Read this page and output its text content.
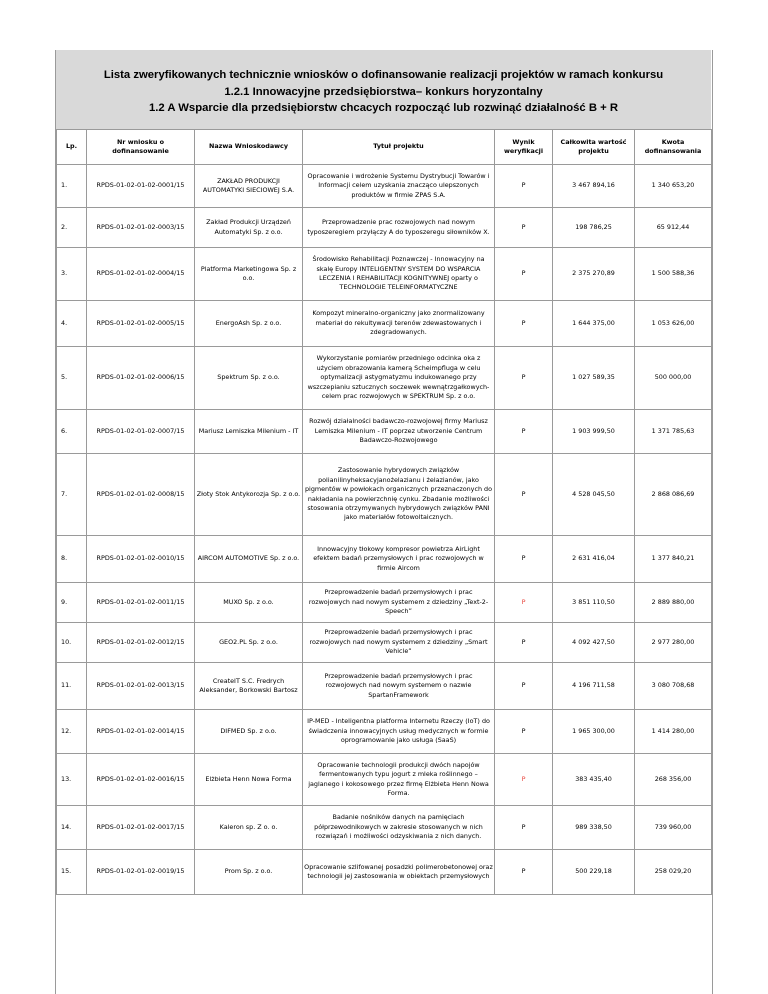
Lista zweryfikowanych technicznie wniosków o dofinansowanie realizacji projektów w ramach konkursu
1.2.1 Innowacyjne przedsiębiorstwa– konkurs horyzontalny
1.2 A Wsparcie dla przedsiębiorstw chcacych rozpocząć lub rozwinąć działalność B + R
Lp.	Nr wniosku o dofinansowanie	Nazwa Wnioskodawcy	Tytuł projektu	Wynik weryfikacji	Całkowita wartość projektu	Kwota dofinansowania
1.	RPDS-01-02-01-02-0001/15	ZAKŁAD PRODUKCJI AUTOMATYKI SIECIOWEJ S.A.	Opracowanie i wdrożenie Systemu Dystrybucji Towarów i Informacji celem uzyskania znacząco ulepszonych produktów w firmie ZPAS S.A.	P	3 467 894,16	1 340 653,20
2.	RPDS-01-02-01-02-0003/15	Zakład Produkcji Urządzeń Automatyki Sp. z o.o.	Przeprowadzenie prac rozwojowych nad nowym typoszeregiem przyłączy A do typoszeregu siłowników X.	P	198 786,25	65 912,44
3.	RPDS-01-02-01-02-0004/15	Platforma Marketingowa Sp. z o.o.	Środowisko Rehabilitacji Poznawczej - Innowacyjny na skalę Europy INTELIGENTNY SYSTEM DO WSPARCIA LECZENIA I REHABILITACJI KOGNITYWNEJ oparty o TECHNOLOGIE TELEINFORMATYCZNE	P	2 375 270,89	1 500 588,36
4.	RPDS-01-02-01-02-0005/15	EnergoAsh Sp. z o.o.	Kompozyt mineralno-organiczny jako znormalizowany materiał do rekultywacji terenów zdewastowanych i zdegradowanych.	P	1 644 375,00	1 053 626,00
5.	RPDS-01-02-01-02-0006/15	Spektrum Sp. z o.o.	Wykorzystanie pomiarów przedniego odcinka oka z użyciem obrazowania kamerą Scheimpfluga w celu optymalizacji astygmatyzmu indukowanego przy wszczepianiu sztucznych soczewek wewnątrzgałkowych-celem prac rozwojowych w SPEKTRUM Sp. z o.o.	P	1 027 589,35	500 000,00
6.	RPDS-01-02-01-02-0007/15	Mariusz Lemiszka Milenium - IT	Rozwój działalności badawczo-rozwojowej firmy Mariusz Lemiszka Milenium - IT poprzez utworzenie Centrum Badawczo-Rozwojowego	P	1 903 999,50	1 371 785,63
7.	RPDS-01-02-01-02-0008/15	Złoty Stok Antykorozja Sp. z o.o.	Zastosowanie hybrydowych związków polianilinyheksacyjanożelazianu i żelazianów, jako pigmentów w powłokach organicznych przeznaczonych do nakładania na powierzchnię cynku. Zbadanie możliwości stosowania otrzymywanych hybrydowych związków PANI jako materiałów fotowoltaicznych.	P	4 528 045,50	2 868 086,69
8.	RPDS-01-02-01-02-0010/15	AIRCOM AUTOMOTIVE Sp. z o.o.	Innowacyjny tłokowy kompresor powietrza AirLight efektem badań przemysłowych i prac rozwojowych w firmie Aircom	P	2 631 416,04	1 377 840,21
9.	RPDS-01-02-01-02-0011/15	MUXO Sp. z o.o.	Przeprowadzenie badań przemysłowych i prac rozwojowych nad nowym systemem z dziedziny „Text-2-Speech”	P	3 851 110,50	2 889 880,00
10.	RPDS-01-02-01-02-0012/15	GEO2.PL Sp. z o.o.	Przeprowadzenie badań przemysłowych i prac rozwojowych nad nowym systemem z dziedziny „Smart Vehicle”	P	4 092 427,50	2 977 280,00
11.	RPDS-01-02-01-02-0013/15	CreateIT S.C. Fredrych Aleksander, Borkowski Bartosz	Przeprowadzenie badań przemysłowych i prac rozwojowych nad nowym systemem o nazwie SpartanFramework	P	4 196 711,58	3 080 708,68
12.	RPDS-01-02-01-02-0014/15	DIFMED Sp. z o.o.	IP-MED - Inteligentna platforma Internetu Rzeczy (IoT) do świadczenia innowacyjnych usług medycznych w formie oprogramowanie jako usługa (SaaS)	P	1 965 300,00	1 414 280,00
13.	RPDS-01-02-01-02-0016/15	Elżbieta Henn Nowa Forma	Opracowanie technologii produkcji dwóch napojów fermentowanych typu jogurt z mleka roślinnego – jaglanego i kokosowego przez firmę Elżbieta Henn Nowa Forma.	P	383 435,40	268 356,00
14.	RPDS-01-02-01-02-0017/15	Kaleron sp. Z o. o.	Badanie nośników danych na pamięciach półprzewodnikowych w zakresie stosowanych w nich rozwiązań i możliwości odzyskiwania z nich danych.	P	989 338,50	739 960,00
15.	RPDS-01-02-01-02-0019/15	Prom Sp. z o.o.	Opracowanie szlifowanej posadzki polimerobetonowej oraz technologii jej zastosowania w obiektach przemysłowych	P	500 229,18	258 029,20
